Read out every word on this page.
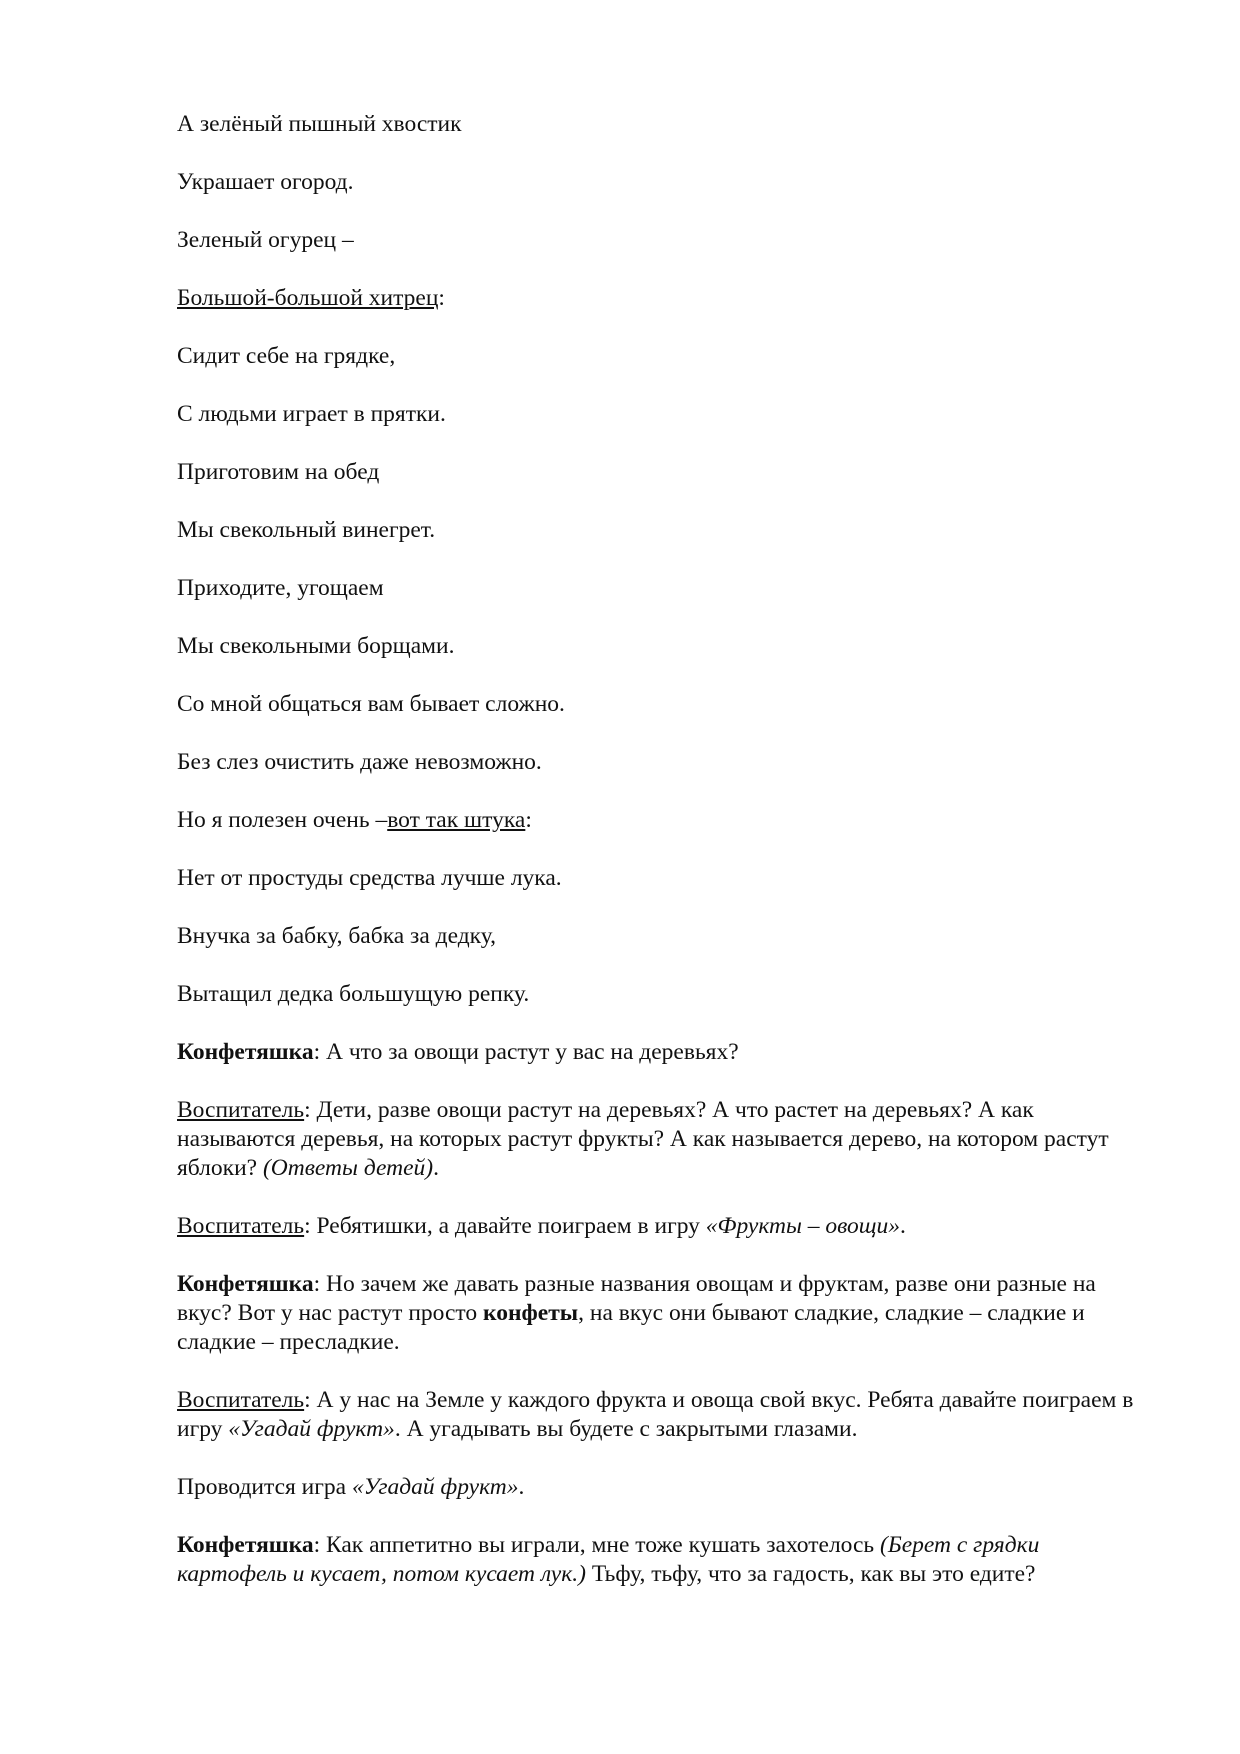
А зелёный пышный хвостик
Украшает огород.
Зеленый огурец –
Большой-большой хитрец:
Сидит себе на грядке,
С людьми играет в прятки.
Приготовим на обед
Мы свекольный винегрет.
Приходите, угощаем
Мы свекольными борщами.
Со мной общаться вам бывает сложно.
Без слез очистить даже невозможно.
Но я полезен очень –вот так штука:
Нет от простуды средства лучше лука.
Внучка за бабку, бабка за дедку,
Вытащил дедка большущую репку.

Конфетяшка: А что за овощи растут у вас на деревьях?

Воспитатель: Дети, разве овощи растут на деревьях? А что растет на деревьях? А как называются деревья, на которых растут фрукты? А как называется дерево, на котором растут яблоки? (Ответы детей).

Воспитатель: Ребятишки, а давайте поиграем в игру «Фрукты – овощи».

Конфетяшка: Но зачем же давать разные названия овощам и фруктам, разве они разные на вкус? Вот у нас растут просто конфеты, на вкус они бывают сладкие, сладкие – сладкие и сладкие – пресладкие.

Воспитатель: А у нас на Земле у каждого фрукта и овоща свой вкус. Ребята давайте поиграем в игру «Угадай фрукт». А угадывать вы будете с закрытыми глазами.

Проводится игра «Угадай фрукт».

Конфетяшка: Как аппетитно вы играли, мне тоже кушать захотелось (Берет с грядки картофель и кусает, потом кусает лук.) Тьфу, тьфу, что за гадость, как вы это едите?
